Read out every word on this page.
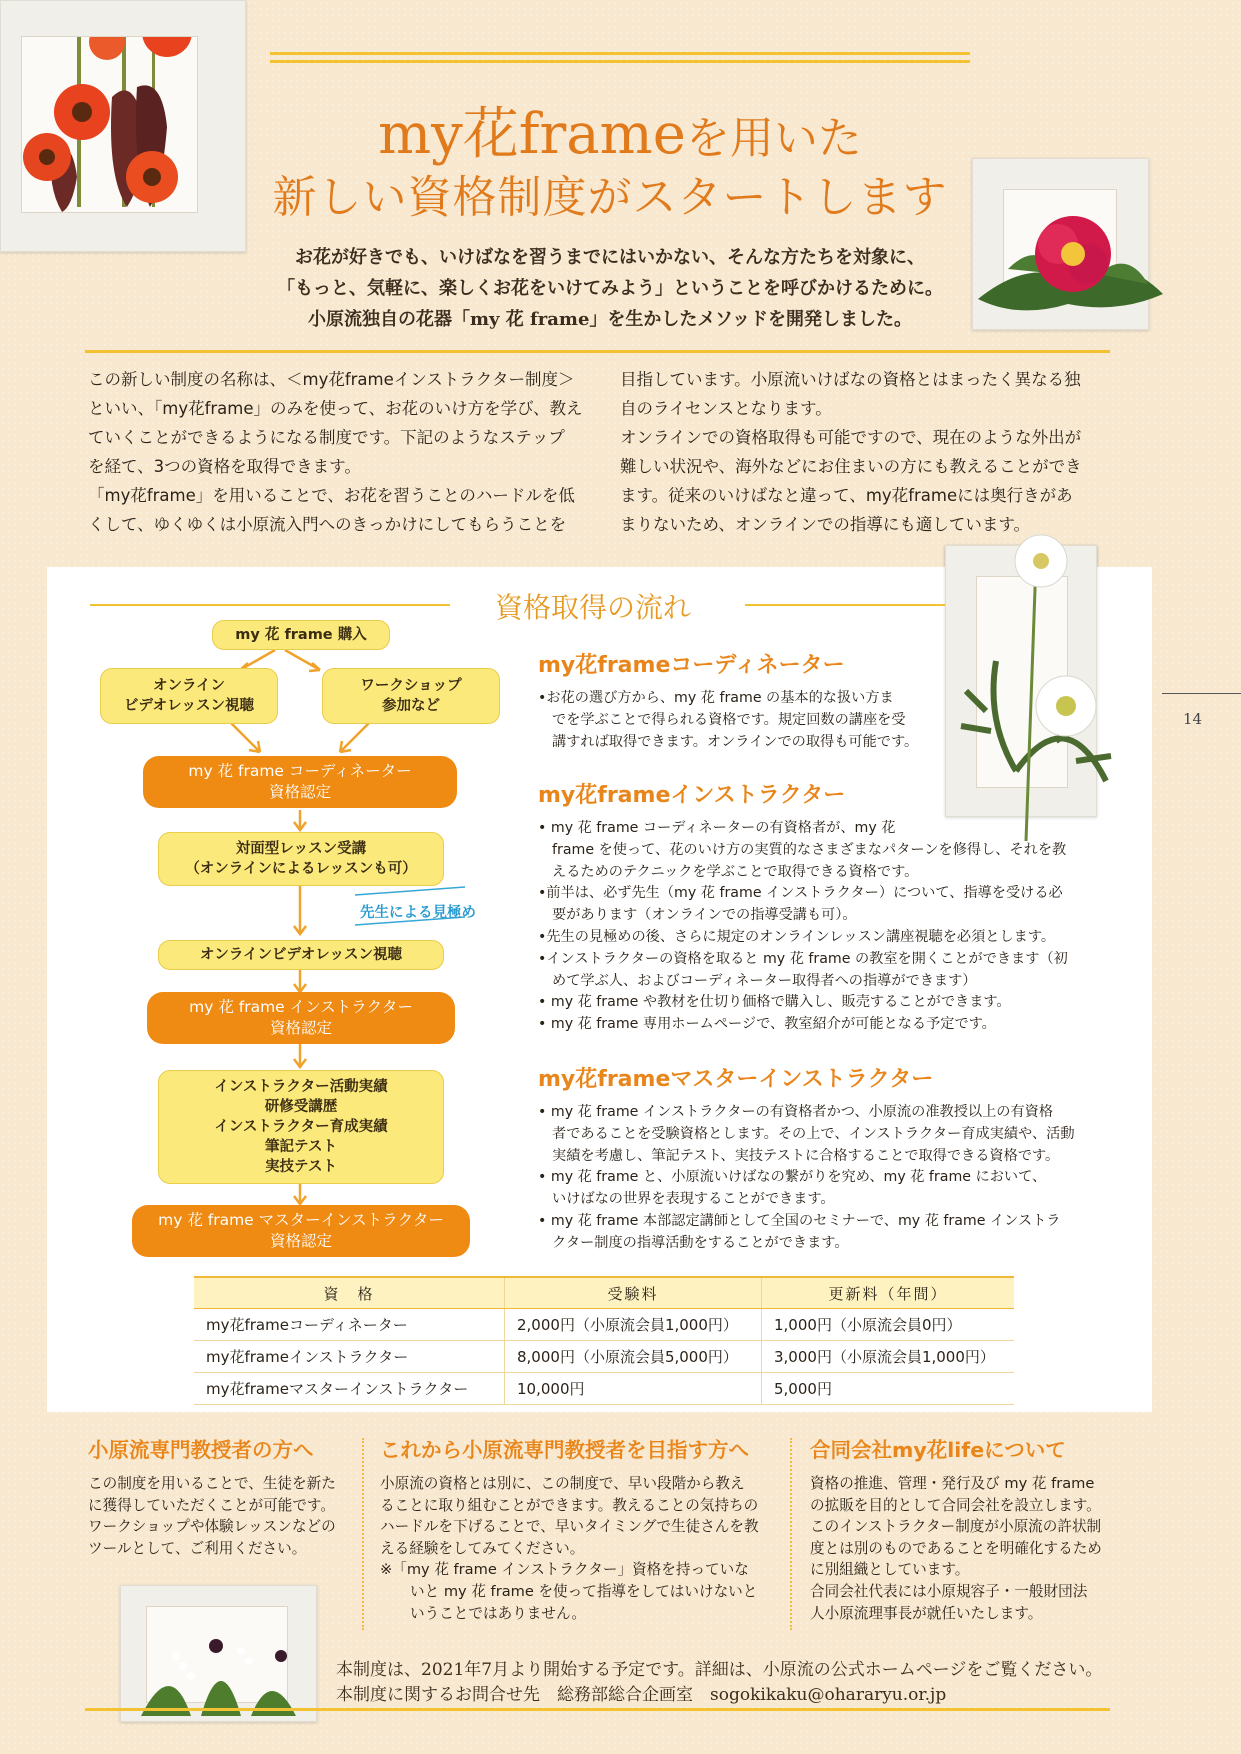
my花frameを用いた
新しい資格制度がスタートします
お花が好きでも、いけばなを習うまでにはいかない、そんな方たちを対象に、
「もっと、気軽に、楽しくお花をいけてみよう」ということを呼びかけるために。
小原流独自の花器「my 花 frame」を生かしたメソッドを開発しました。
この新しい制度の名称は、＜my花frameインストラクター制度＞
といい、「my花frame」のみを使って、お花のいけ方を学び、教え
ていくことができるようになる制度です。下記のようなステップ
を経て、3つの資格を取得できます。
「my花frame」を用いることで、お花を習うことのハードルを低
くして、ゆくゆくは小原流入門へのきっかけにしてもらうことを
目指しています。小原流いけばなの資格とはまったく異なる独
自のライセンスとなります。
オンラインでの資格取得も可能ですので、現在のような外出が
難しい状況や、海外などにお住まいの方にも教えることができ
ます。従来のいけばなと違って、my花frameには奥行きがあ
まりないため、オンラインでの指導にも適しています。
資格取得の流れ
my 花 frame 購入
オンライン
ビデオレッスン視聴
ワークショップ
参加など
my 花 frame コーディネーター
資格認定
対面型レッスン受講
（オンラインによるレッスンも可）
先生による見極め
オンラインビデオレッスン視聴
my 花 frame インストラクター
資格認定
インストラクター活動実績
研修受講歴
インストラクター育成実績
筆記テスト
実技テスト
my 花 frame マスターインストラクター
資格認定
my花frameコーディネーター

•お花の選び方から、my 花 frame の基本的な扱い方ま
でを学ぶことで得られる資格です。規定回数の講座を受
講すれば取得できます。オンラインでの取得も可能です。

my花frameインストラクター

• my 花 frame コーディネーターの有資格者が、my 花
frame を使って、花のいけ方の実質的なさまざまなパターンを修得し、それを教
えるためのテクニックを学ぶことで取得できる資格です。

•前半は、必ず先生（my 花 frame インストラクター）について、指導を受ける必
要があります（オンラインでの指導受講も可）。

•先生の見極めの後、さらに規定のオンラインレッスン講座視聴を必須とします。

•インストラクターの資格を取ると my 花 frame の教室を開くことができます（初
めて学ぶ人、およびコーディネーター取得者への指導ができます）

• my 花 frame や教材を仕切り価格で購入し、販売することができます。

• my 花 frame 専用ホームページで、教室紹介が可能となる予定です。

my花frameマスターインストラクター

• my 花 frame インストラクターの有資格者かつ、小原流の准教授以上の有資格
者であることを受験資格とします。その上で、インストラクター育成実績や、活動
実績を考慮し、筆記テスト、実技テストに合格することで取得できる資格です。

• my 花 frame と、小原流いけばなの繋がりを究め、my 花 frame において、
いけばなの世界を表現することができます。

• my 花 frame 本部認定講師として全国のセミナーで、my 花 frame インストラ
クター制度の指導活動をすることができます。

資　格	受験料	更新料（年間）
my花frameコーディネーター	2,000円（小原流会員1,000円）	1,000円（小原流会員0円）
my花frameインストラクター	8,000円（小原流会員5,000円）	3,000円（小原流会員1,000円）
my花frameマスターインストラクター	10,000円	5,000円
小原流専門教授者の方へ
この制度を用いることで、生徒を新た
に獲得していただくことが可能です。
ワークショップや体験レッスンなどの
ツールとして、ご利用ください。
これから小原流専門教授者を目指す方へ
小原流の資格とは別に、この制度で、早い段階から教え
ることに取り組むことができます。教えることの気持ちの
ハードルを下げることで、早いタイミングで生徒さんを教
える経験をしてみてください。
※「my 花 frame インストラクター」資格を持っていな
いと my 花 frame を使って指導をしてはいけないと
いうことではありません。
合同会社my花lifeについて
資格の推進、管理・発行及び my 花 frame
の拡販を目的として合同会社を設立します。
このインストラクター制度が小原流の許状制
度とは別のものであることを明確化するため
に別組織としています。
合同会社代表には小原規容子・一般財団法
人小原流理事長が就任いたします。
本制度は、2021年7月より開始する予定です。詳細は、小原流の公式ホームページをご覧ください。
本制度に関するお問合せ先　総務部総合企画室　sogokikaku@ohararyu.or.jp
14
